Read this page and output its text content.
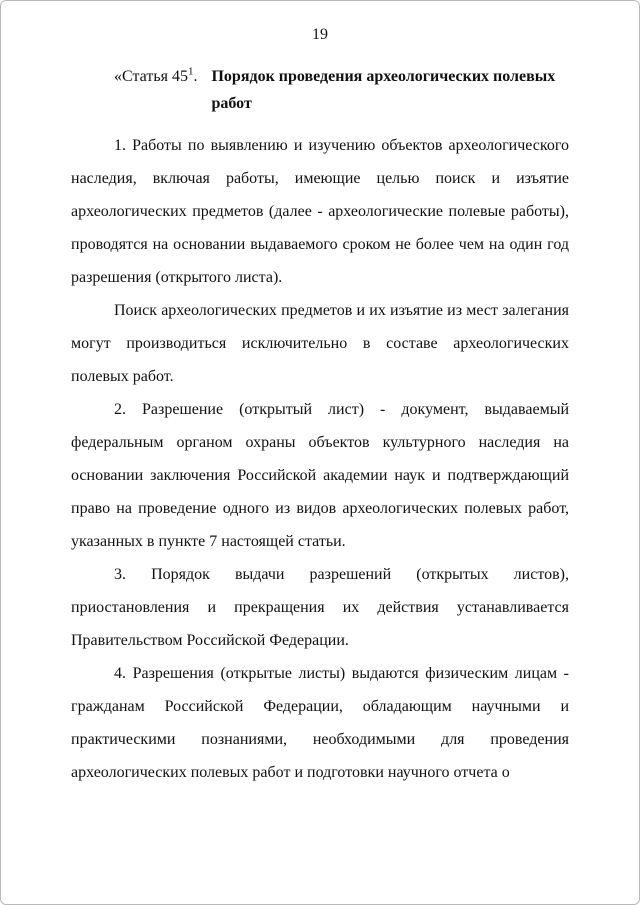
19
«Статья $45^1$. Порядок проведения археологических полевых работ

1. Работы по выявлению и изучению объектов археологического наследия, включая работы, имеющие целью поиск и изъятие археологических предметов (далее - археологические полевые работы), проводятся на основании выдаваемого сроком не более чем на один год разрешения (открытого листа).

Поиск археологических предметов и их изъятие из мест залегания могут производиться исключительно в составе археологических полевых работ.

2. Разрешение (открытый лист) - документ, выдаваемый федеральным органом охраны объектов культурного наследия на основании заключения Российской академии наук и подтверждающий право на проведение одного из видов археологических полевых работ, указанных в пункте 7 настоящей статьи.

3. Порядок выдачи разрешений (открытых листов), приостановления и прекращения их действия устанавливается Правительством Российской Федерации.

4. Разрешения (открытые листы) выдаются физическим лицам - гражданам Российской Федерации, обладающим научными и практическими познаниями, необходимыми для проведения археологических полевых работ и подготовки научного отчета о
